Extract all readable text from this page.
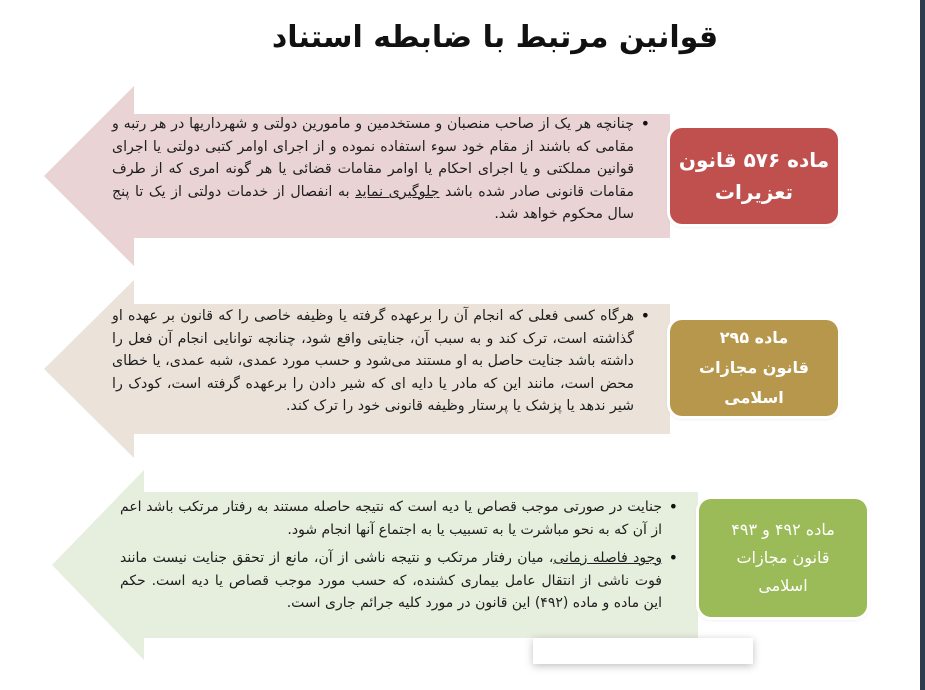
قوانین مرتبط با ضابطه استناد
• چنانچه هر یک از صاحب منصبان و مستخدمین و مامورین دولتی و شهرداریها در هر رتبه و مقامی که باشند از مقام خود سوء استفاده نموده و از اجرای اوامر کتبی دولتی یا اجرای قوانین مملکتی و یا اجرای احکام یا اوامر مقامات قضائی یا هر گونه امری که از طرف مقامات قانونی صادر شده باشد جلوگیری نماید به انفصال از خدمات دولتی از یک تا پنج سال محکوم خواهد شد.
ماده ۵۷۶ قانون
تعزیرات
• هرگاه کسی فعلی که انجام آن را برعهده گرفته یا وظیفه خاصی را که قانون بر عهده او گذاشته است، ترک کند و به سبب آن، جنایتی واقع شود، چنانچه توانایی انجام آن فعل را داشته باشد جنایت حاصل به او مستند می‌شود و حسب مورد عمدی، شبه عمدی، یا خطای محض است، مانند این که مادر یا دایه ای که شیر دادن را برعهده گرفته است، کودک را شیر ندهد یا پزشک یا پرستار وظیفه قانونی خود را ترک کند.
ماده ۲۹۵
قانون مجازات اسلامی
• جنایت در صورتی موجب قصاص یا دیه است که نتیجه حاصله مستند به رفتار مرتکب باشد اعم از آن که به نحو مباشرت یا به تسبیب یا به اجتماع آنها انجام شود.
• وجود فاصله زمانی، میان رفتار مرتکب و نتیجه ناشی از آن، مانع از تحقق جنایت نیست مانند فوت ناشی از انتقال عامل بیماری کشنده، که حسب مورد موجب قصاص یا دیه است. حکم این ماده و ماده (۴۹۲) این قانون در مورد کلیه جرائم جاری است.
ماده ۴۹۲ و ۴۹۳
قانون مجازات
اسلامی
